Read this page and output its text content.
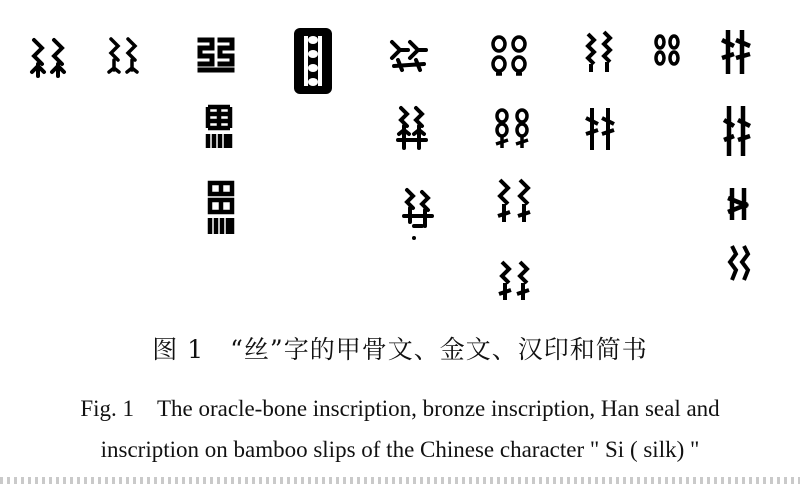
图 1　“丝”字的甲骨文、金文、汉印和简书
Fig. 1　The oracle-bone inscription, bronze inscription, Han seal and
inscription on bamboo slips of the Chinese character " Si ( silk) "
